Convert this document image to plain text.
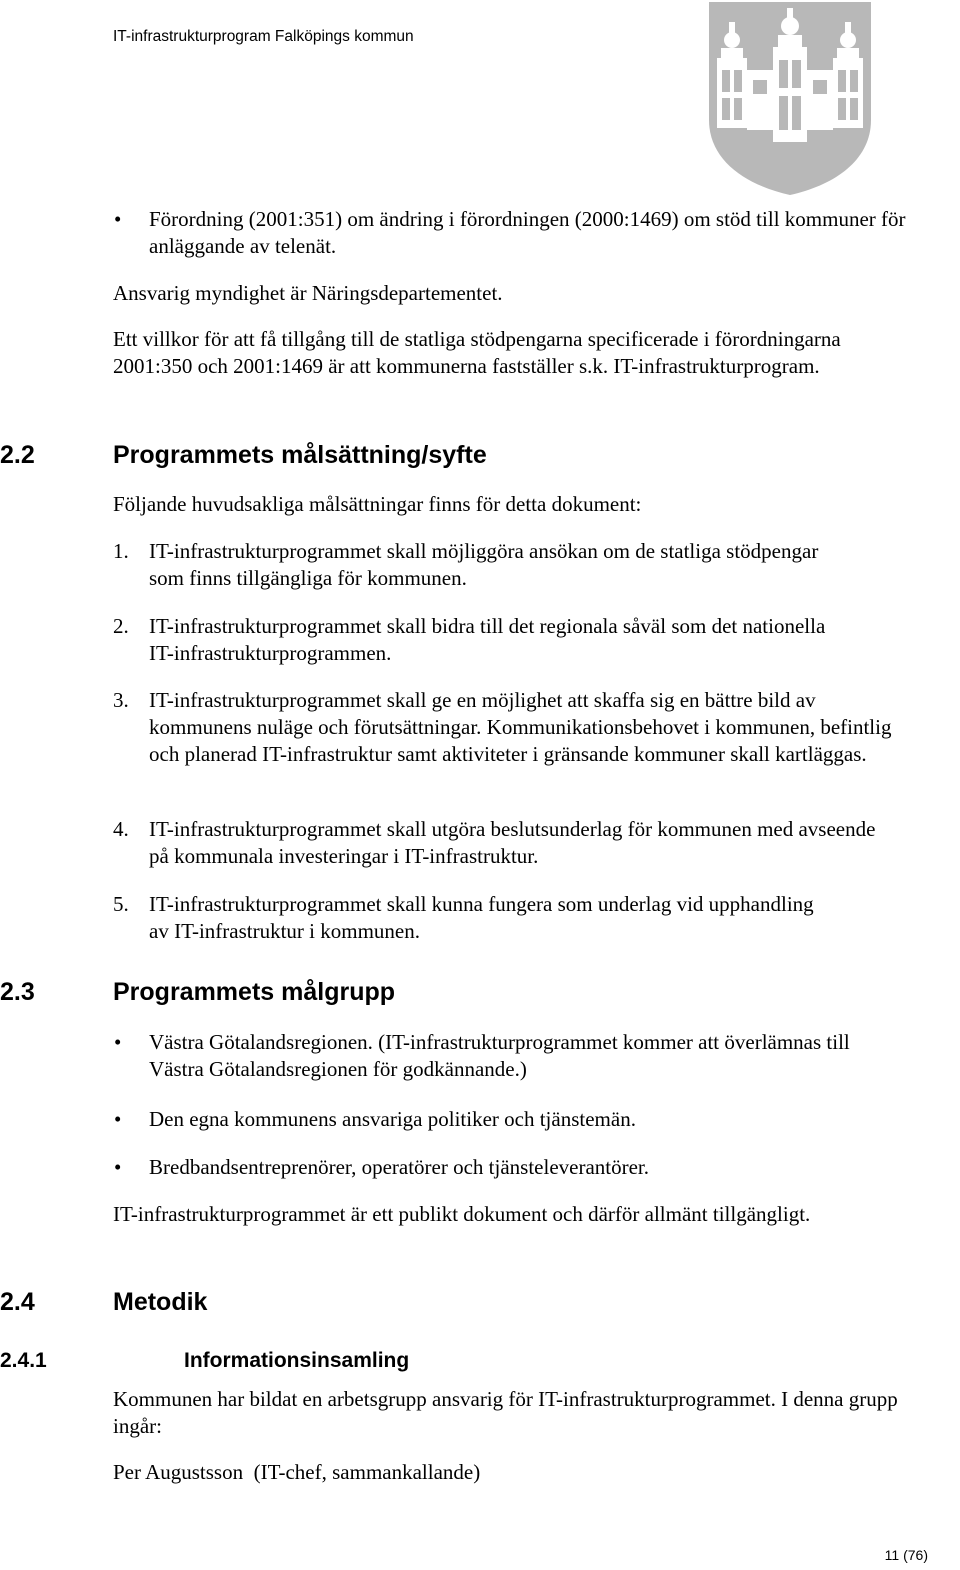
IT-infrastrukturprogram Falköpings kommun
• Förordning (2001:351) om ändring i förordningen (2000:1469) om stöd till kommuner för anläggande av telenät.
Ansvarig myndighet är Näringsdepartementet.
Ett villkor för att få tillgång till de statliga stödpengarna specificerade i förordningarna 2001:350 och 2001:1469 är att kommunerna fastställer s.k. IT-infrastrukturprogram.
2.2	Programmets målsättning/syfte
Följande huvudsakliga målsättningar finns för detta dokument:
1. IT-infrastrukturprogrammet skall möjliggöra ansökan om de statliga stödpengar som finns tillgängliga för kommunen.
2. IT-infrastrukturprogrammet skall bidra till det regionala såväl som det nationella IT-infrastrukturprogrammen.
3. IT-infrastrukturprogrammet skall ge en möjlighet att skaffa sig en bättre bild av kommunens nuläge och förutsättningar. Kommunikationsbehovet i kommunen, befintlig och planerad IT-infrastruktur samt aktiviteter i gränsande kommuner skall kartläggas.
4. IT-infrastrukturprogrammet skall utgöra beslutsunderlag för kommunen med avseende på kommunala investeringar i IT-infrastruktur.
5. IT-infrastrukturprogrammet skall kunna fungera som underlag vid upphandling av IT-infrastruktur i kommunen.
2.3	Programmets målgrupp
• Västra Götalandsregionen. (IT-infrastrukturprogrammet kommer att överlämnas till Västra Götalandsregionen för godkännande.)
• Den egna kommunens ansvariga politiker och tjänstemän.
• Bredbandsentreprenörer, operatörer och tjänsteleverantörer.
IT-infrastrukturprogrammet är ett publikt dokument och därför allmänt tillgängligt.
2.4	Metodik
2.4.1	Informationsinsamling
Kommunen har bildat en arbetsgrupp ansvarig för IT-infrastrukturprogrammet. I denna grupp ingår:
Per Augustsson  (IT-chef, sammankallande)
11 (76)
